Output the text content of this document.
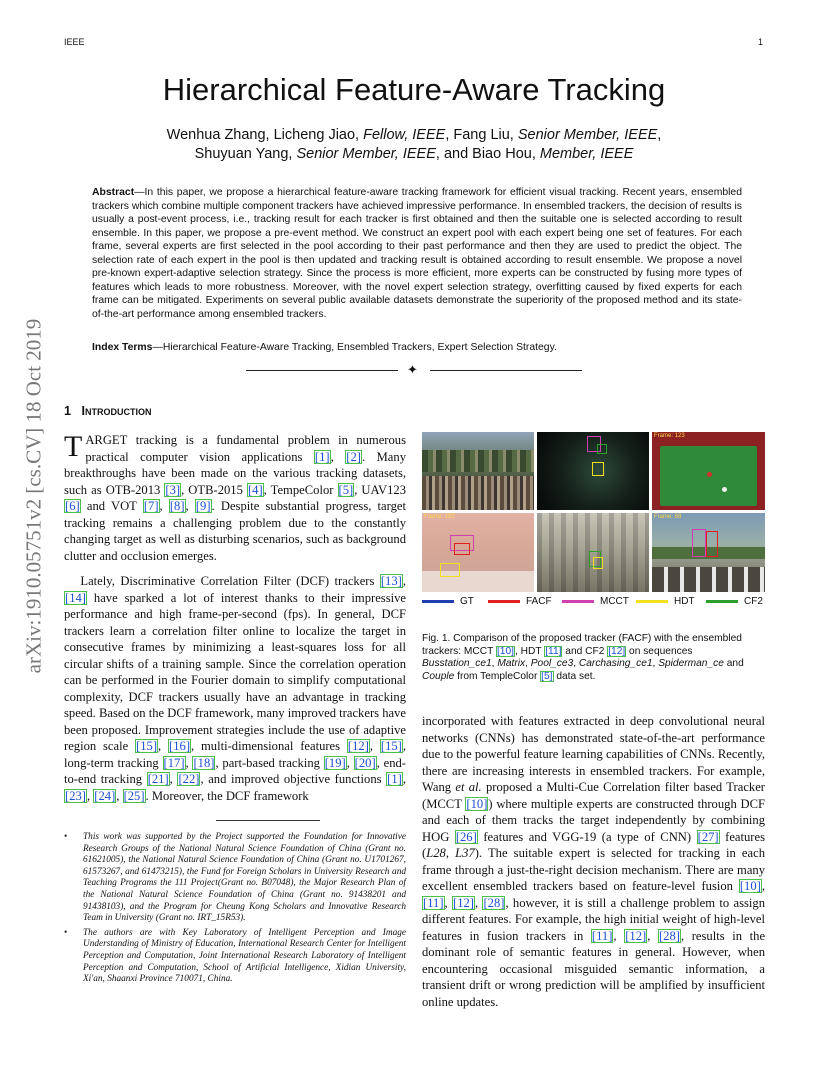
IEEE	1
Hierarchical Feature-Aware Tracking
Wenhua Zhang, Licheng Jiao, Fellow, IEEE, Fang Liu, Senior Member, IEEE,
Shuyuan Yang, Senior Member, IEEE, and Biao Hou, Member, IEEE
Abstract—In this paper, we propose a hierarchical feature-aware tracking framework for efficient visual tracking. Recent years, ensembled trackers which combine multiple component trackers have achieved impressive performance. In ensembled trackers, the decision of results is usually a post-event process, i.e., tracking result for each tracker is first obtained and then the suitable one is selected according to result ensemble. In this paper, we propose a pre-event method. We construct an expert pool with each expert being one set of features. For each frame, several experts are first selected in the pool according to their past performance and then they are used to predict the object. The selection rate of each expert in the pool is then updated and tracking result is obtained according to result ensemble. We propose a novel pre-known expert-adaptive selection strategy. Since the process is more efficient, more experts can be constructed by fusing more types of features which leads to more robustness. Moreover, with the novel expert selection strategy, overfitting caused by fixed experts for each frame can be mitigated. Experiments on several public available datasets demonstrate the superiority of the proposed method and its state-of-the-art performance among ensembled trackers.
Index Terms—Hierarchical Feature-Aware Tracking, Ensembled Trackers, Expert Selection Strategy.
✦
arXiv:1910.05751v2 [cs.CV] 18 Oct 2019 1 Introduction

TARGET tracking is a fundamental problem in numerous practical computer vision applications [1], [2]. Many breakthroughs have been made on the various tracking datasets, such as OTB-2013 [3], OTB-2015 [4], TempeColor [5], UAV123 [6] and VOT [7], [8], [9]. Despite substantial progress, target tracking remains a challenging problem due to the constantly changing target as well as disturbing scenarios, such as background clutter and occlusion emerges.

Lately, Discriminative Correlation Filter (DCF) trackers [13], [14] have sparked a lot of interest thanks to their impressive performance and high frame-per-second (fps). In general, DCF trackers learn a correlation filter online to localize the target in consecutive frames by minimizing a least-squares loss for all circular shifts of a training sample. Since the correlation operation can be performed in the Fourier domain to simplify computational complexity, DCF trackers usually have an advantage in tracking speed. Based on the DCF framework, many improved trackers have been proposed. Improvement strategies include the use of adaptive region scale [15], [16], multi-dimensional features [12], [15], long-term tracking [17], [18], part-based tracking [19], [20], end-to-end tracking [21], [22], and improved objective functions [1], [23], [24], [25]. Moreover, the DCF framework

• This work was supported by the Project supported the Foundation for Innovative Research Groups of the National Natural Science Foundation of China (Grant no. 61621005), the National Natural Science Foundation of China (Grant no. U1701267, 61573267, and 61473215), the Fund for Foreign Scholars in University Research and Teaching Programs the 111 Project(Grant no. B07048), the Major Research Plan of the National Natural Science Foundation of China (Grant no. 91438201 and 91438103), and the Program for Cheung Kong Scholars and Innovative Research Team in University (Grant no. IRT_15R53).
• The authors are with Key Laboratory of Intelligent Perception and Image Understanding of Ministry of Education, International Research Center for Intelligent Perception and Computation, Joint International Research Laboratory of Intelligent Perception and Computation, School of Artificial Intelligence, Xidian University, Xi'an, Shaanxi Province 710071, China.
Frame: 123
Frame: 182	Frame: 68
GT	FACF	MCCT	HDT	CF2
Fig. 1. Comparison of the proposed tracker (FACF) with the ensembled trackers: MCCT [10], HDT [11] and CF2 [12] on sequences Busstation_ce1, Matrix, Pool_ce3, Carchasing_ce1, Spiderman_ce and Couple from TempleColor [5] data set.

incorporated with features extracted in deep convolutional neural networks (CNNs) has demonstrated state-of-the-art performance due to the powerful feature learning capabilities of CNNs. Recently, there are increasing interests in ensembled trackers. For example, Wang et al. proposed a Multi-Cue Correlation filter based Tracker (MCCT [10]) where multiple experts are constructed through DCF and each of them tracks the target independently by combining HOG [26] features and VGG-19 (a type of CNN) [27] features (L28, L37). The suitable expert is selected for tracking in each frame through a just-the-right decision mechanism. There are many excellent ensembled trackers based on feature-level fusion [10], [11], [12], [28], however, it is still a challenge problem to assign different features. For example, the high initial weight of high-level features in fusion trackers in [11], [12], [28], results in the dominant role of semantic features in general. However, when encountering occasional misguided semantic information, a transient drift or wrong prediction will be amplified by insufficient online updates.
